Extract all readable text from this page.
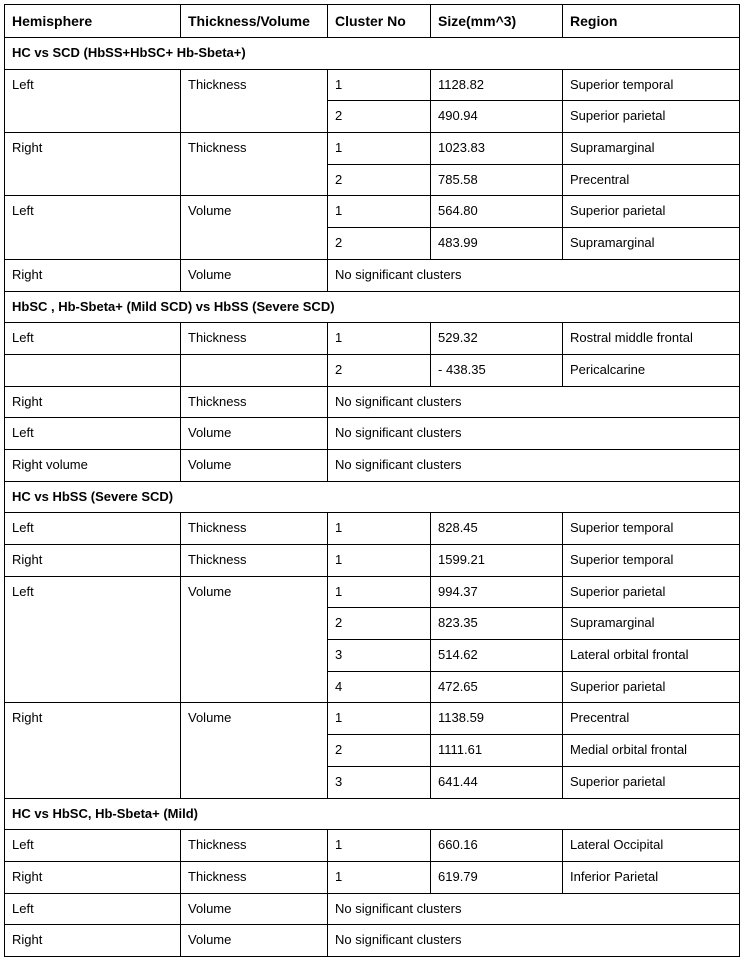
Hemisphere	Thickness/Volume	Cluster No	Size(mm^3)	Region
HC vs SCD (HbSS+HbSC+ Hb-Sbeta+)				
Left	Thickness	1	1128.82	Superior temporal
		2	490.94	Superior parietal
Right	Thickness	1	1023.83	Supramarginal
		2	785.58	Precentral
Left	Volume	1	564.80	Superior parietal
		2	483.99	Supramarginal
Right	Volume	No significant clusters		
HbSC , Hb-Sbeta+ (Mild SCD) vs HbSS (Severe SCD)				
Left	Thickness	1	529.32	Rostral middle frontal
		2	- 438.35	Pericalcarine
Right	Thickness	No significant clusters		
Left	Volume	No significant clusters		
Right volume	Volume	No significant clusters		
HC vs HbSS (Severe SCD)				
Left	Thickness	1	828.45	Superior temporal
Right	Thickness	1	1599.21	Superior temporal
Left	Volume	1	994.37	Superior parietal
		2	823.35	Supramarginal
		3	514.62	Lateral orbital frontal
		4	472.65	Superior parietal
Right	Volume	1	1138.59	Precentral
		2	1111.61	Medial orbital frontal
		3	641.44	Superior parietal
HC vs HbSC, Hb-Sbeta+ (Mild)				
Left	Thickness	1	660.16	Lateral Occipital
Right	Thickness	1	619.79	Inferior Parietal
Left	Volume	No significant clusters		
Right	Volume	No significant clusters		
